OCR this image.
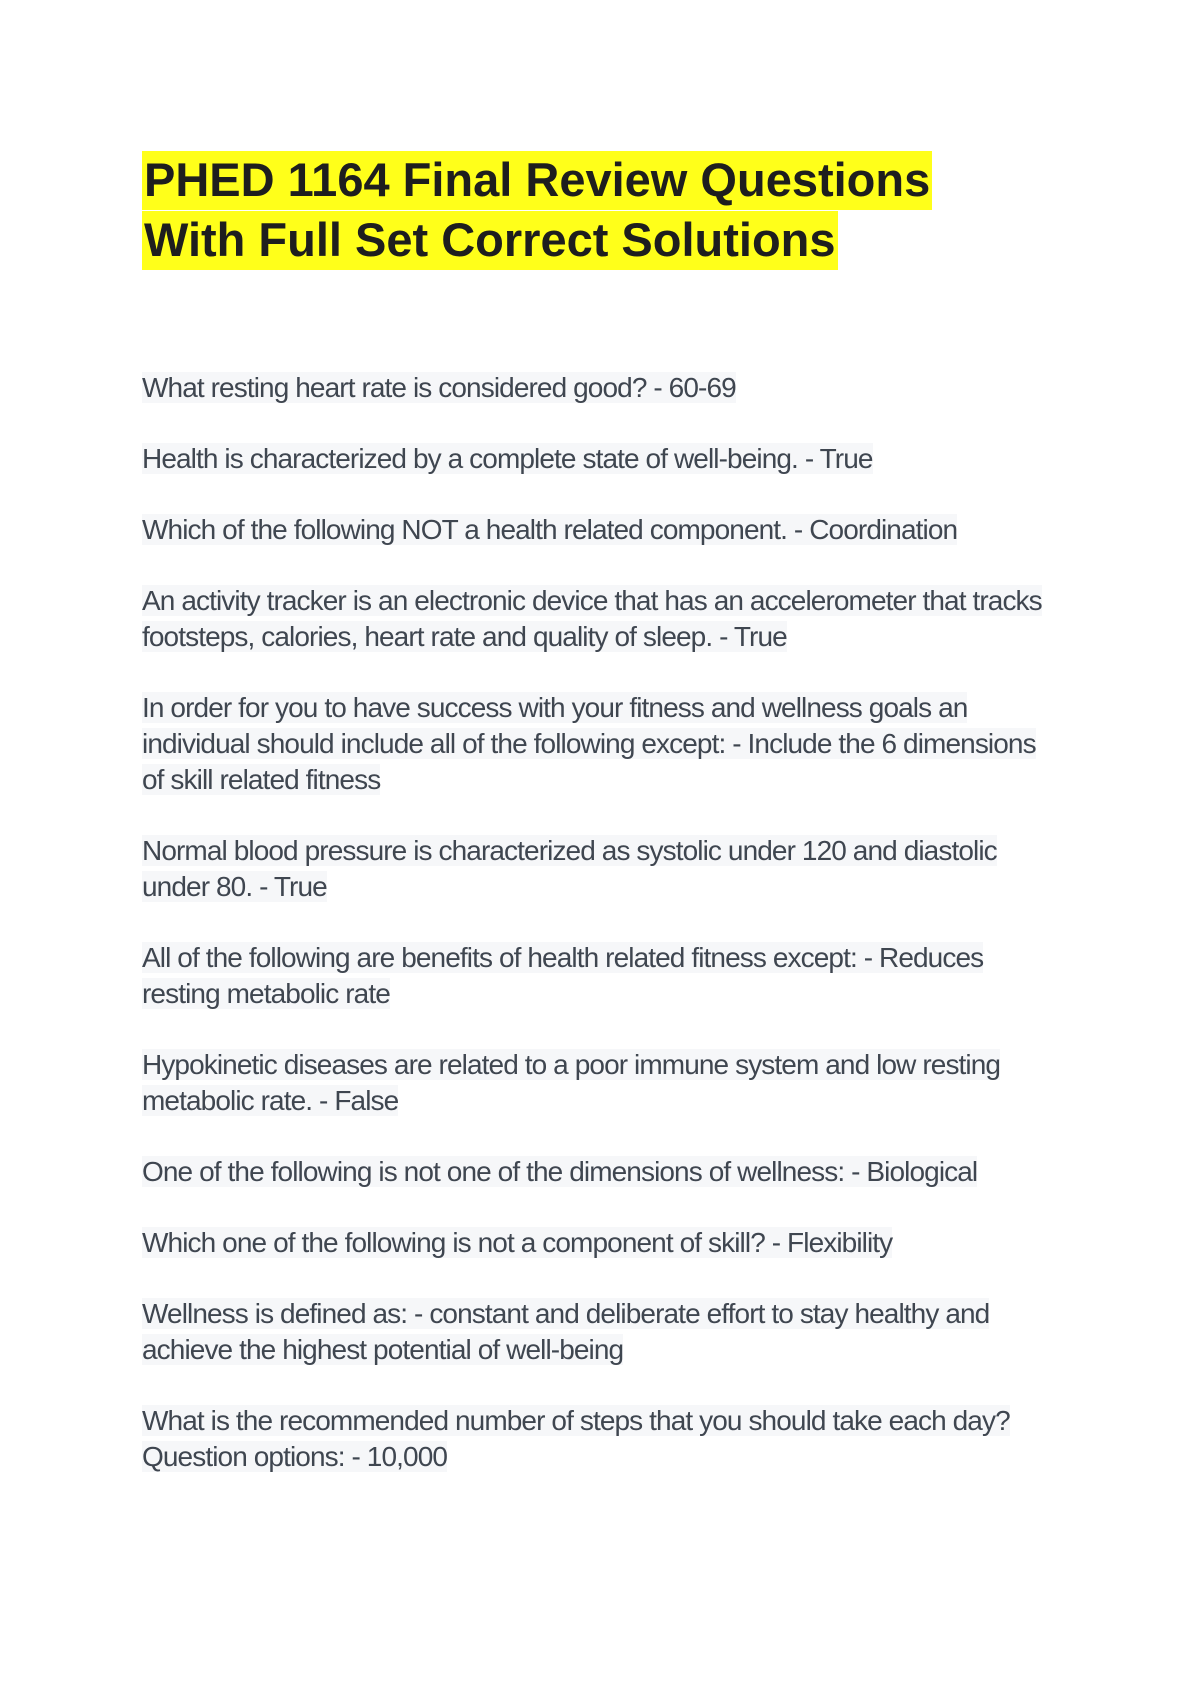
PHED 1164 Final Review Questions
With Full Set Correct Solutions
What resting heart rate is considered good? - 60-69
Health is characterized by a complete state of well-being. - True
Which of the following NOT a health related component. - Coordination
An activity tracker is an electronic device that has an accelerometer that tracks footsteps, calories, heart rate and quality of sleep. - True
In order for you to have success with your fitness and wellness goals an individual should include all of the following except: - Include the 6 dimensions of skill related fitness
Normal blood pressure is characterized as systolic under 120 and diastolic under 80. - True
All of the following are benefits of health related fitness except: - Reduces resting metabolic rate
Hypokinetic diseases are related to a poor immune system and low resting metabolic rate. - False
One of the following is not one of the dimensions of wellness: - Biological
Which one of the following is not a component of skill? - Flexibility
Wellness is defined as: - constant and deliberate effort to stay healthy and achieve the highest potential of well-being
What is the recommended number of steps that you should take each day? Question options: - 10,000
